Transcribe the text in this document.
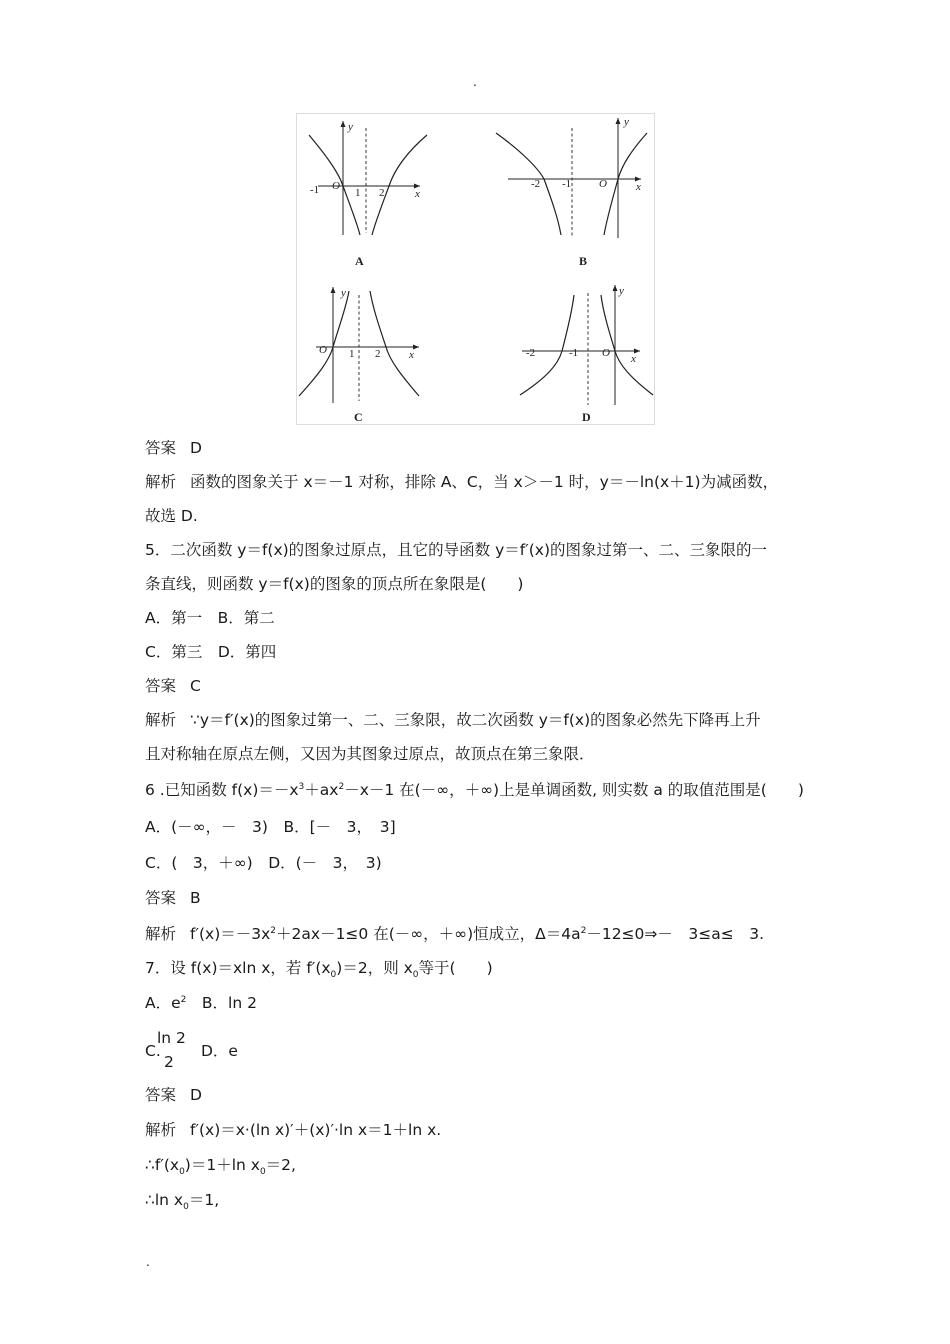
.
-1 O
1 2	x
y
A
-2 -1	O	x
y
B
O 1 2	x
y
C
-2	-1 O x
y
D
答案 D
解析 函数的图象关于 x＝－1 对称，排除 A、C，当 x＞－1 时，y＝－ln(x＋1)为减函数，
故选 D.
5．二次函数 y＝f(x)的图象过原点，且它的导函数 y＝f′(x)的图象过第一、二、三象限的一
条直线，则函数 y＝f(x)的图象的顶点所在象限是(　　)
A．第一　B．第二
C．第三　D．第四
答案 C
解析 ∵y＝f′(x)的图象过第一、二、三象限，故二次函数 y＝f(x)的图象必然先下降再上升
且对称轴在原点左侧，又因为其图象过原点，故顶点在第三象限．
6 .已知函数 $f(x)=-x^3+ax^2-x-1$ 在(－∞，＋∞)上是单调函数, 则实数 a 的取值范围是(　　)
A．(－∞，－　3)　B．[－　3，　3]
C．(　3，＋∞)　D．(－　3，　3)
答案 B
解析 $f'(x)=-3x^2+2ax-1\le 0$ 在(－∞，＋∞)恒成立，$\Delta=4a^2-12\le 0\Rightarrow-$　3≤a≤　3.
7．设 f(x)＝xln x，若 $f'(x_0)=2$，则 $x_0$等于(　　)
A．$e^2$　B．ln 2
C.
ln 2
2
D．e
答案 D
解析 f′(x)＝x·(ln x)′＋(x)′·ln x＝1＋ln x.
$\therefore f'(x_0)=1+\ln$ $x_0=2$,
∴ln $x_0=1$,
.
